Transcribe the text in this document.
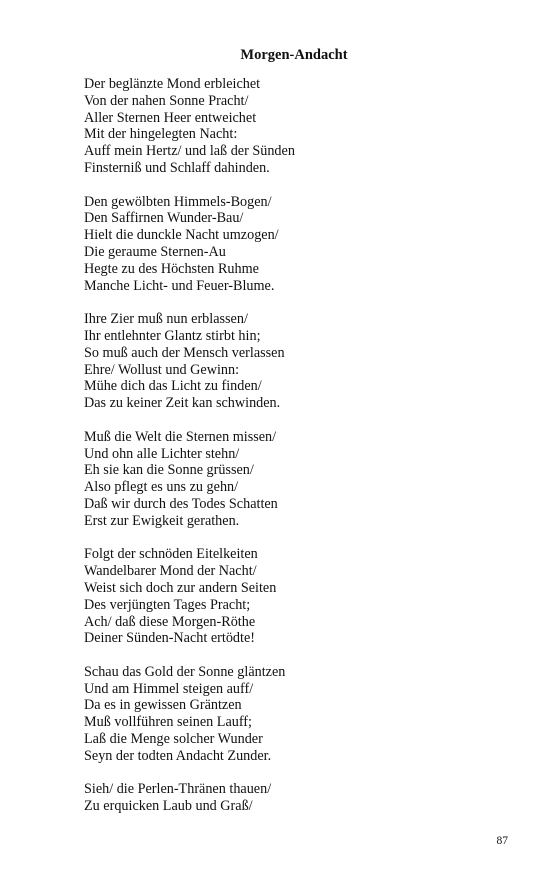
Morgen-Andacht
Der beglänzte Mond erbleichet
Von der nahen Sonne Pracht/
Aller Sternen Heer entweichet
Mit der hingelegten Nacht:
Auff mein Hertz/ und laß der Sünden
Finsterniß und Schlaff dahinden.
Den gewölbten Himmels-Bogen/
Den Saffirnen Wunder-Bau/
Hielt die dunckle Nacht umzogen/
Die geraume Sternen-Au
Hegte zu des Höchsten Ruhme
Manche Licht- und Feuer-Blume.
Ihre Zier muß nun erblassen/
Ihr entlehnter Glantz stirbt hin;
So muß auch der Mensch verlassen
Ehre/ Wollust und Gewinn:
Mühe dich das Licht zu finden/
Das zu keiner Zeit kan schwinden.
Muß die Welt die Sternen missen/
Und ohn alle Lichter stehn/
Eh sie kan die Sonne grüssen/
Also pflegt es uns zu gehn/
Daß wir durch des Todes Schatten
Erst zur Ewigkeit gerathen.
Folgt der schnöden Eitelkeiten
Wandelbarer Mond der Nacht/
Weist sich doch zur andern Seiten
Des verjüngten Tages Pracht;
Ach/ daß diese Morgen-Röthe
Deiner Sünden-Nacht ertödte!
Schau das Gold der Sonne gläntzen
Und am Himmel steigen auff/
Da es in gewissen Gräntzen
Muß vollführen seinen Lauff;
Laß die Menge solcher Wunder
Seyn der todten Andacht Zunder.
Sieh/ die Perlen-Thränen thauen/
Zu erquicken Laub und Graß/
87
